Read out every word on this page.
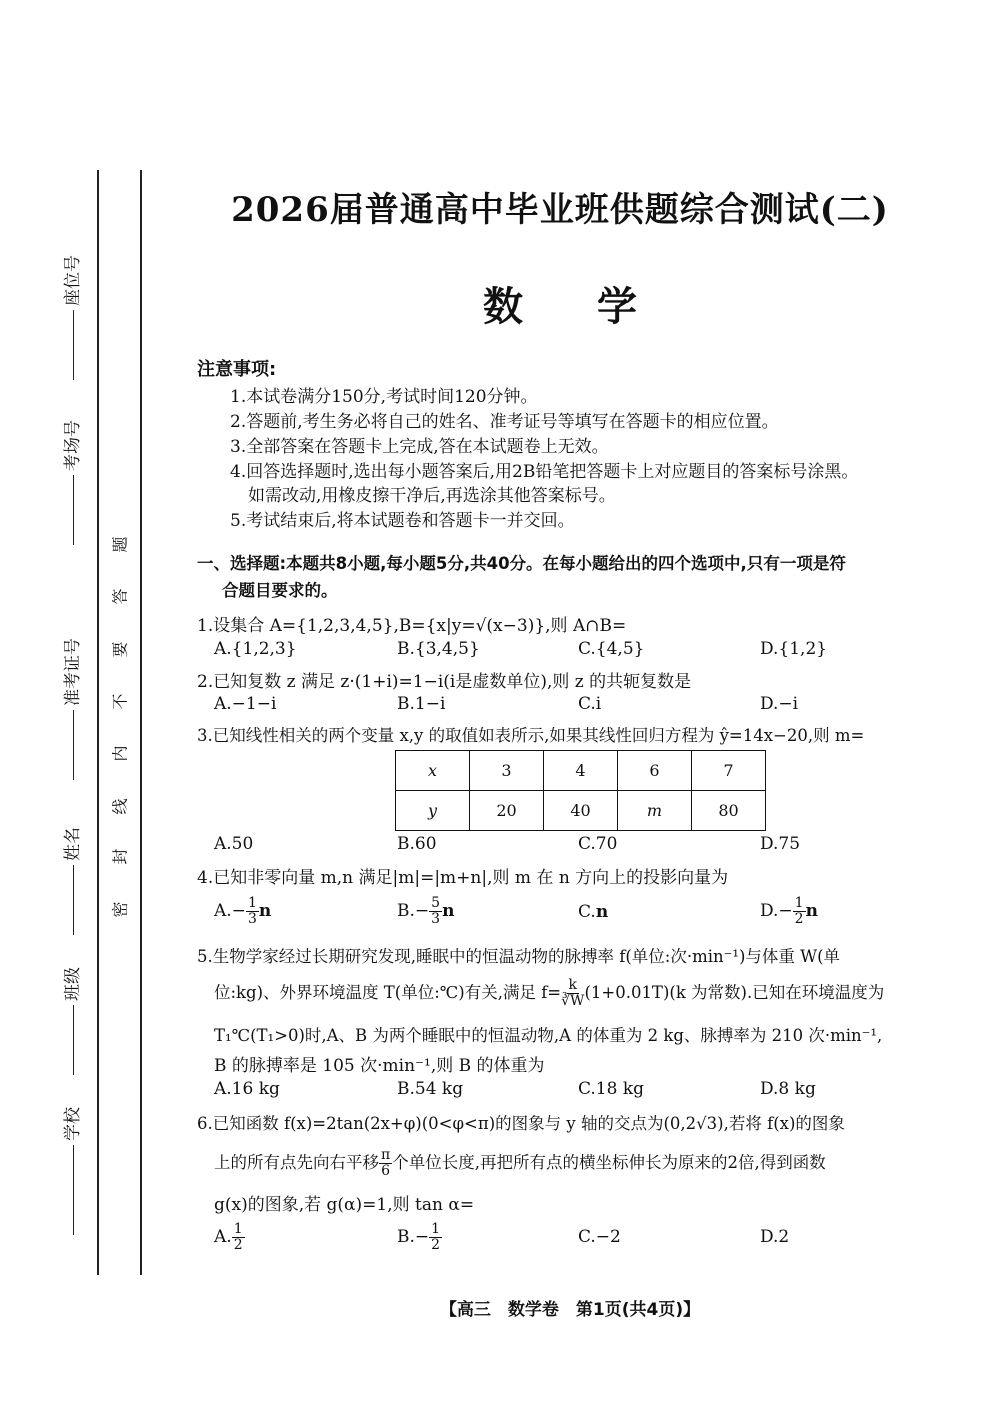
座位号
考场号
准考证号
姓名
班级
学校
密
封
线
内
不
要
答
题
2026届普通高中毕业班供题综合测试(二)
数 学
注意事项:
1.本试卷满分150分,考试时间120分钟。
2.答题前,考生务必将自己的姓名、准考证号等填写在答题卡的相应位置。
3.全部答案在答题卡上完成,答在本试题卷上无效。
4.回答选择题时,选出每小题答案后,用2B铅笔把答题卡上对应题目的答案标号涂黑。
如需改动,用橡皮擦干净后,再选涂其他答案标号。
5.考试结束后,将本试题卷和答题卡一并交回。
一、选择题:本题共8小题,每小题5分,共40分。在每小题给出的四个选项中,只有一项是符
合题目要求的。
1.设集合 A={1,2,3,4,5},B={x|y=√(x−3)},则 A∩B=
A.{1,2,3}	B.{3,4,5}	C.{4,5}	D.{1,2}
2.已知复数 z 满足 z·(1+i)=1−i(i是虚数单位),则 z 的共轭复数是
A.−1−i	B.1−i	C.i	D.−i
3.已知线性相关的两个变量 x,y 的取值如表所示,如果其线性回归方程为 ŷ=14x−20,则 m=
x	3	4	6	7
y	20	40	m	80
A.50	B.60	C.70	D.75
4.已知非零向量 m,n 满足|m|=|m+n|,则 m 在 n 方向上的投影向量为
$A.- \frac{1}{3}$ n	$B.- \frac{5}{3}$ n	C.n	$D.- \frac{1}{2}$ n
5.生物学家经过长期研究发现,睡眠中的恒温动物的脉搏率 f(单位:次·min⁻¹)与体重 W(单
位:kg)、外界环境温度 T(单位:℃)有关,满足 $f= \frac{k}{∛W} (1+0.01T)(k$ 为常数).已知在环境温度为
T₁℃(T₁>0)时,A、B 为两个睡眠中的恒温动物,A 的体重为 2 kg、脉搏率为 210 次·min⁻¹,
B 的脉搏率是 105 次·min⁻¹,则 B 的体重为
A.16 kg	B.54 kg	C.18 kg	D.8 kg
6.已知函数 f(x)=2tan(2x+φ)(0<φ<π)的图象与 y 轴的交点为(0,2√3),若将 f(x)的图象
上的所有点先向右平移 $\frac{\pi}{6}$ 个单位长度,再把所有点的横坐标伸长为原来的2倍,得到函数
g(x)的图象,若 g(α)=1,则 tan α=
A. $\frac{1}{2}$	$B.- \frac{1}{2}$	C.−2	D.2
【高三　数学卷　第1页(共4页)】
